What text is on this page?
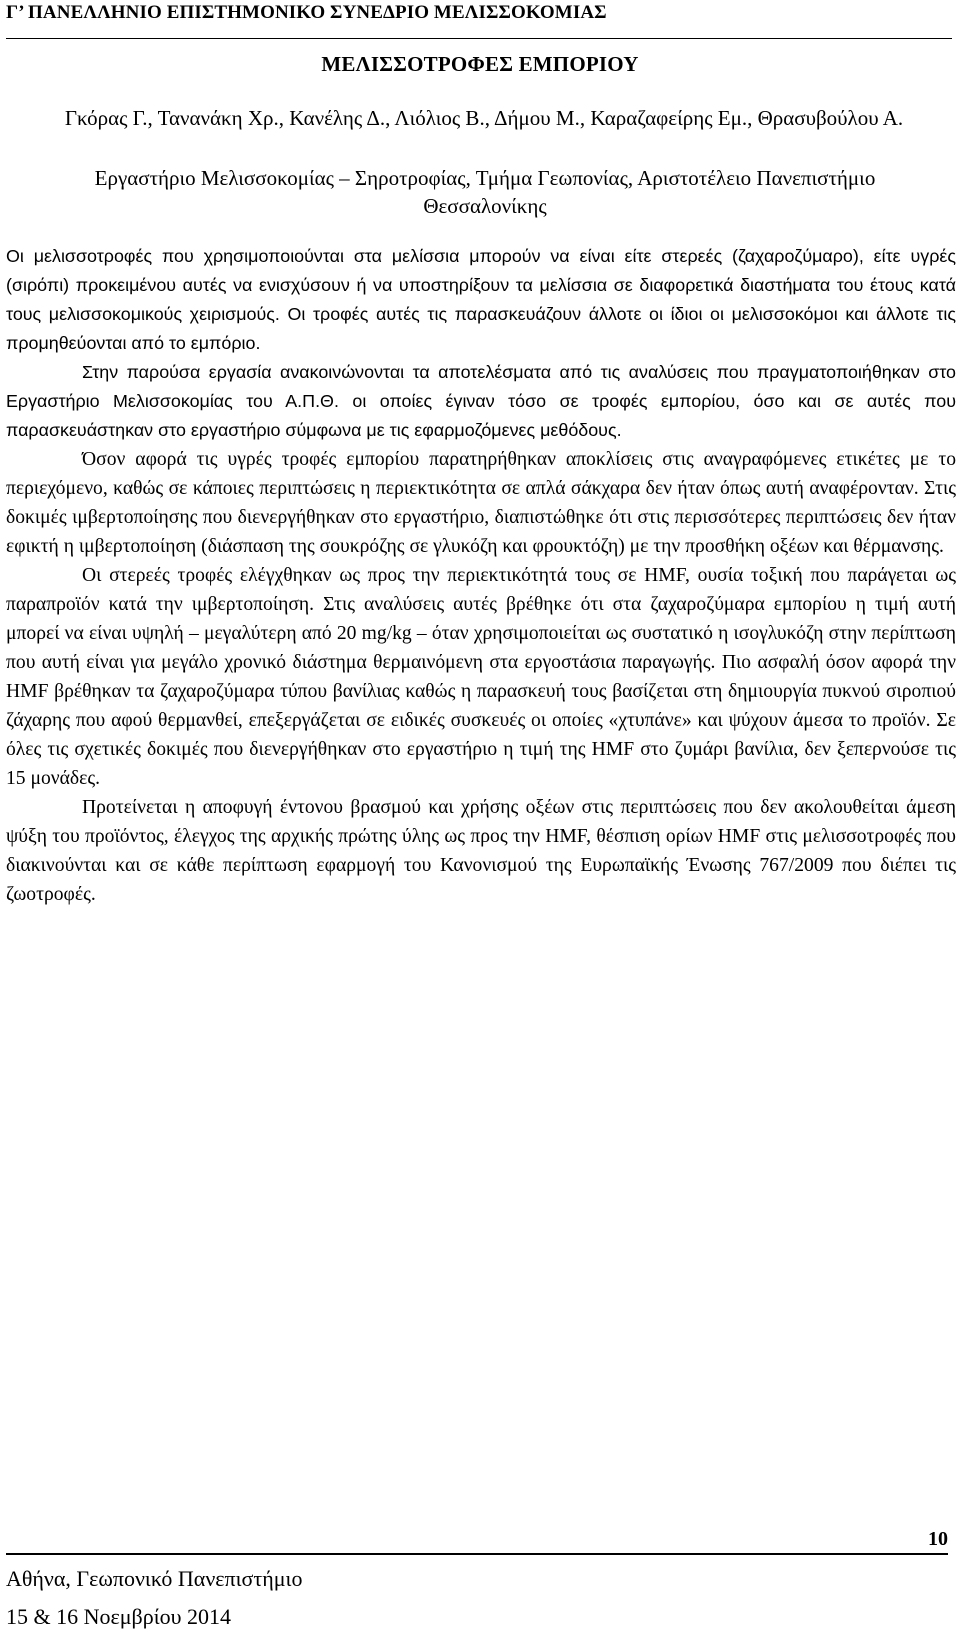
Γ’ ΠΑΝΕΛΛΗΝΙΟ ΕΠΙΣΤΗΜΟΝΙΚΟ ΣΥΝΕΔΡΙΟ ΜΕΛΙΣΣΟΚΟΜΙΑΣ
ΜΕΛΙΣΣΟΤΡΟΦΕΣ ΕΜΠΟΡΙΟΥ
Γκόρας Γ., Τανανάκη Χρ., Κανέλης Δ., Λιόλιος Β., Δήμου Μ., Καραζαφείρης Εμ., Θρασυβούλου Α.
Εργαστήριο Μελισσοκομίας – Σηροτροφίας, Τμήμα Γεωπονίας, Αριστοτέλειο Πανεπιστήμιο Θεσσαλονίκης

Οι μελισσοτροφές που χρησιμοποιούνται στα μελίσσια μπορούν να είναι είτε στερεές (ζαχαροζύμαρο), είτε υγρές (σιρόπι) προκειμένου αυτές να ενισχύσουν ή να υποστηρίξουν τα μελίσσια σε διαφορετικά διαστήματα του έτους κατά τους μελισσοκομικούς χειρισμούς. Οι τροφές αυτές τις παρασκευάζουν άλλοτε οι ίδιοι οι μελισσοκόμοι και άλλοτε τις προμηθεύονται από το εμπόριο.

Στην παρούσα εργασία ανακοινώνονται τα αποτελέσματα από τις αναλύσεις που πραγματοποιήθηκαν στο Εργαστήριο Μελισσοκομίας του Α.Π.Θ. οι οποίες έγιναν τόσο σε τροφές εμπορίου, όσο και σε αυτές που παρασκευάστηκαν στο εργαστήριο σύμφωνα με τις εφαρμοζόμενες μεθόδους.

Όσον αφορά τις υγρές τροφές εμπορίου παρατηρήθηκαν αποκλίσεις στις αναγραφόμενες ετικέτες με το περιεχόμενο, καθώς σε κάποιες περιπτώσεις η περιεκτικότητα σε απλά σάκχαρα δεν ήταν όπως αυτή αναφέρονταν. Στις δοκιμές ιμβερτοποίησης που διενεργήθηκαν στο εργαστήριο, διαπιστώθηκε ότι στις περισσότερες περιπτώσεις δεν ήταν εφικτή η ιμβερτοποίηση (διάσπαση της σουκρόζης σε γλυκόζη και φρουκτόζη) με την προσθήκη οξέων και θέρμανσης.

Οι στερεές τροφές ελέγχθηκαν ως προς την περιεκτικότητά τους σε HMF, ουσία τοξική που παράγεται ως παραπροϊόν κατά την ιμβερτοποίηση. Στις αναλύσεις αυτές βρέθηκε ότι στα ζαχαροζύμαρα εμπορίου η τιμή αυτή μπορεί να είναι υψηλή – μεγαλύτερη από 20 mg/kg – όταν χρησιμοποιείται ως συστατικό η ισογλυκόζη στην περίπτωση που αυτή είναι για μεγάλο χρονικό διάστημα θερμαινόμενη στα εργοστάσια παραγωγής. Πιο ασφαλή όσον αφορά την HMF βρέθηκαν τα ζαχαροζύμαρα τύπου βανίλιας καθώς η παρασκευή τους βασίζεται στη δημιουργία πυκνού σιροπιού ζάχαρης που αφού θερμανθεί, επεξεργάζεται σε ειδικές συσκευές οι οποίες «χτυπάνε» και ψύχουν άμεσα το προϊόν. Σε όλες τις σχετικές δοκιμές που διενεργήθηκαν στο εργαστήριο η τιμή της HMF στο ζυμάρι βανίλια, δεν ξεπερνούσε τις 15 μονάδες.

Προτείνεται η αποφυγή έντονου βρασμού και χρήσης οξέων στις περιπτώσεις που δεν ακολουθείται άμεση ψύξη του προϊόντος, έλεγχος της αρχικής πρώτης ύλης ως προς την HMF, θέσπιση ορίων HMF στις μελισσοτροφές που διακινούνται και σε κάθε περίπτωση εφαρμογή του Κανονισμού της Ευρωπαϊκής Ένωσης 767/2009 που διέπει τις ζωοτροφές.

10
Αθήνα, Γεωπονικό Πανεπιστήμιο
15 & 16 Νοεμβρίου 2014
